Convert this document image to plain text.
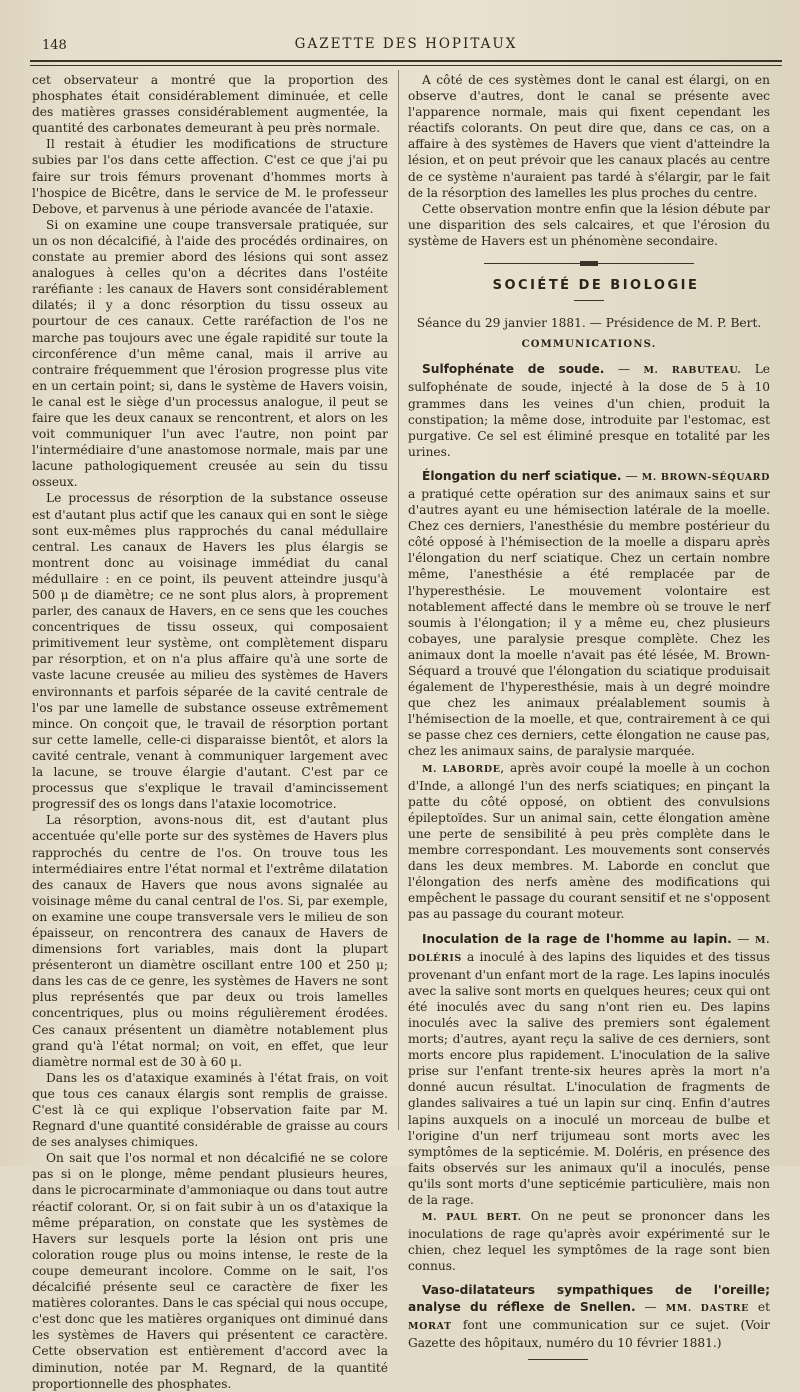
148	GAZETTE DES HOPITAUX

cet observateur a montré que la proportion des phosphates était considérablement diminuée, et celle des matières grasses considérablement augmentée, la quantité des carbonates demeurant à peu près normale.

Il restait à étudier les modifications de structure subies par l'os dans cette affection. C'est ce que j'ai pu faire sur trois fémurs provenant d'hommes morts à l'hospice de Bicêtre, dans le service de M. le professeur Debove, et parvenus à une période avancée de l'ataxie.

Si on examine une coupe transversale pratiquée, sur un os non décalcifié, à l'aide des procédés ordinaires, on constate au premier abord des lésions qui sont assez analogues à celles qu'on a décrites dans l'ostéite raréfiante : les canaux de Havers sont considérablement dilatés; il y a donc résorption du tissu osseux au pourtour de ces canaux. Cette raréfaction de l'os ne marche pas toujours avec une égale rapidité sur toute la circonférence d'un même canal, mais il arrive au contraire fréquemment que l'érosion progresse plus vite en un certain point; si, dans le système de Havers voisin, le canal est le siège d'un processus analogue, il peut se faire que les deux canaux se rencontrent, et alors on les voit communiquer l'un avec l'autre, non point par l'intermédiaire d'une anastomose normale, mais par une lacune pathologiquement creusée au sein du tissu osseux.

Le processus de résorption de la substance osseuse est d'autant plus actif que les canaux qui en sont le siège sont eux-mêmes plus rapprochés du canal médullaire central. Les canaux de Havers les plus élargis se montrent donc au voisinage immédiat du canal médullaire : en ce point, ils peuvent atteindre jusqu'à 500 μ de diamètre; ce ne sont plus alors, à proprement parler, des canaux de Havers, en ce sens que les couches concentriques de tissu osseux, qui composaient primitivement leur système, ont complètement disparu par résorption, et on n'a plus affaire qu'à une sorte de vaste lacune creusée au milieu des systèmes de Havers environnants et parfois séparée de la cavité centrale de l'os par une lamelle de substance osseuse extrêmement mince. On conçoit que, le travail de résorption portant sur cette lamelle, celle-ci disparaisse bientôt, et alors la cavité centrale, venant à communiquer largement avec la lacune, se trouve élargie d'autant. C'est par ce processus que s'explique le travail d'amincissement progressif des os longs dans l'ataxie locomotrice.

La résorption, avons-nous dit, est d'autant plus accentuée qu'elle porte sur des systèmes de Havers plus rapprochés du centre de l'os. On trouve tous les intermédiaires entre l'état normal et l'extrême dilatation des canaux de Havers que nous avons signalée au voisinage même du canal central de l'os. Si, par exemple, on examine une coupe transversale vers le milieu de son épaisseur, on rencontrera des canaux de Havers de dimensions fort variables, mais dont la plupart présenteront un diamètre oscillant entre 100 et 250 μ; dans les cas de ce genre, les systèmes de Havers ne sont plus représentés que par deux ou trois lamelles concentriques, plus ou moins régulièrement érodées. Ces canaux présentent un diamètre notablement plus grand qu'à l'état normal; on voit, en effet, que leur diamètre normal est de 30 à 60 μ.

Dans les os d'ataxique examinés à l'état frais, on voit que tous ces canaux élargis sont remplis de graisse. C'est là ce qui explique l'observation faite par M. Regnard d'une quantité considérable de graisse au cours de ses analyses chimiques.

On sait que l'os normal et non décalcifié ne se colore pas si on le plonge, même pendant plusieurs heures, dans le picrocarminate d'ammoniaque ou dans tout autre réactif colorant. Or, si on fait subir à un os d'ataxique la même préparation, on constate que les systèmes de Havers sur lesquels porte la lésion ont pris une coloration rouge plus ou moins intense, le reste de la coupe demeurant incolore. Comme on le sait, l'os décalcifié présente seul ce caractère de fixer les matières colorantes. Dans le cas spécial qui nous occupe, c'est donc que les matières organiques ont diminué dans les systèmes de Havers qui présentent ce caractère. Cette observation est entièrement d'accord avec la diminution, notée par M. Regnard, de la quantité proportionnelle des phosphates.

A côté de ces systèmes dont le canal est élargi, on en observe d'autres, dont le canal se présente avec l'apparence normale, mais qui fixent cependant les réactifs colorants. On peut dire que, dans ce cas, on a affaire à des systèmes de Havers que vient d'atteindre la lésion, et on peut prévoir que les canaux placés au centre de ce système n'auraient pas tardé à s'élargir, par le fait de la résorption des lamelles les plus proches du centre.

Cette observation montre enfin que la lésion débute par une disparition des sels calcaires, et que l'érosion du système de Havers est un phénomène secondaire.

SOCIÉTÉ DE BIOLOGIE

Séance du 29 janvier 1881. — Présidence de M. P. Bert.

COMMUNICATIONS.

Sulfophénate de soude. — M. RABUTEAU. Le sulfophénate de soude, injecté à la dose de 5 à 10 grammes dans les veines d'un chien, produit la constipation; la même dose, introduite par l'estomac, est purgative. Ce sel est éliminé presque en totalité par les urines.

Élongation du nerf sciatique. — M. BROWN-SÉQUARD a pratiqué cette opération sur des animaux sains et sur d'autres ayant eu une hémisection latérale de la moelle. Chez ces derniers, l'anesthésie du membre postérieur du côté opposé à l'hémisection de la moelle a disparu après l'élongation du nerf sciatique. Chez un certain nombre même, l'anesthésie a été remplacée par de l'hyperesthésie. Le mouvement volontaire est notablement affecté dans le membre où se trouve le nerf soumis à l'élongation; il y a même eu, chez plusieurs cobayes, une paralysie presque complète. Chez les animaux dont la moelle n'avait pas été lésée, M. Brown-Séquard a trouvé que l'élongation du sciatique produisait également de l'hyperesthésie, mais à un degré moindre que chez les animaux préalablement soumis à l'hémisection de la moelle, et que, contrairement à ce qui se passe chez ces derniers, cette élongation ne cause pas, chez les animaux sains, de paralysie marquée.

M. LABORDE, après avoir coupé la moelle à un cochon d'Inde, a allongé l'un des nerfs sciatiques; en pinçant la patte du côté opposé, on obtient des convulsions épileptoïdes. Sur un animal sain, cette élongation amène une perte de sensibilité à peu près complète dans le membre correspondant. Les mouvements sont conservés dans les deux membres. M. Laborde en conclut que l'élongation des nerfs amène des modifications qui empêchent le passage du courant sensitif et ne s'opposent pas au passage du courant moteur.

Inoculation de la rage de l'homme au lapin. — M. DOLÉRIS a inoculé à des lapins des liquides et des tissus provenant d'un enfant mort de la rage. Les lapins inoculés avec la salive sont morts en quelques heures; ceux qui ont été inoculés avec du sang n'ont rien eu. Des lapins inoculés avec la salive des premiers sont également morts; d'autres, ayant reçu la salive de ces derniers, sont morts encore plus rapidement. L'inoculation de la salive prise sur l'enfant trente-six heures après la mort n'a donné aucun résultat. L'inoculation de fragments de glandes salivaires a tué un lapin sur cinq. Enfin d'autres lapins auxquels on a inoculé un morceau de bulbe et l'origine d'un nerf trijumeau sont morts avec les symptômes de la septicémie. M. Doléris, en présence des faits observés sur les animaux qu'il a inoculés, pense qu'ils sont morts d'une septicémie particulière, mais non de la rage.

M. PAUL BERT. On ne peut se prononcer dans les inoculations de rage qu'après avoir expérimenté sur le chien, chez lequel les symptômes de la rage sont bien connus.

Vaso-dilatateurs sympathiques de l'oreille; analyse du réflexe de Snellen. — MM. DASTRE et MORAT font une communication sur ce sujet. (Voir Gazette des hôpitaux, numéro du 10 février 1881.)
